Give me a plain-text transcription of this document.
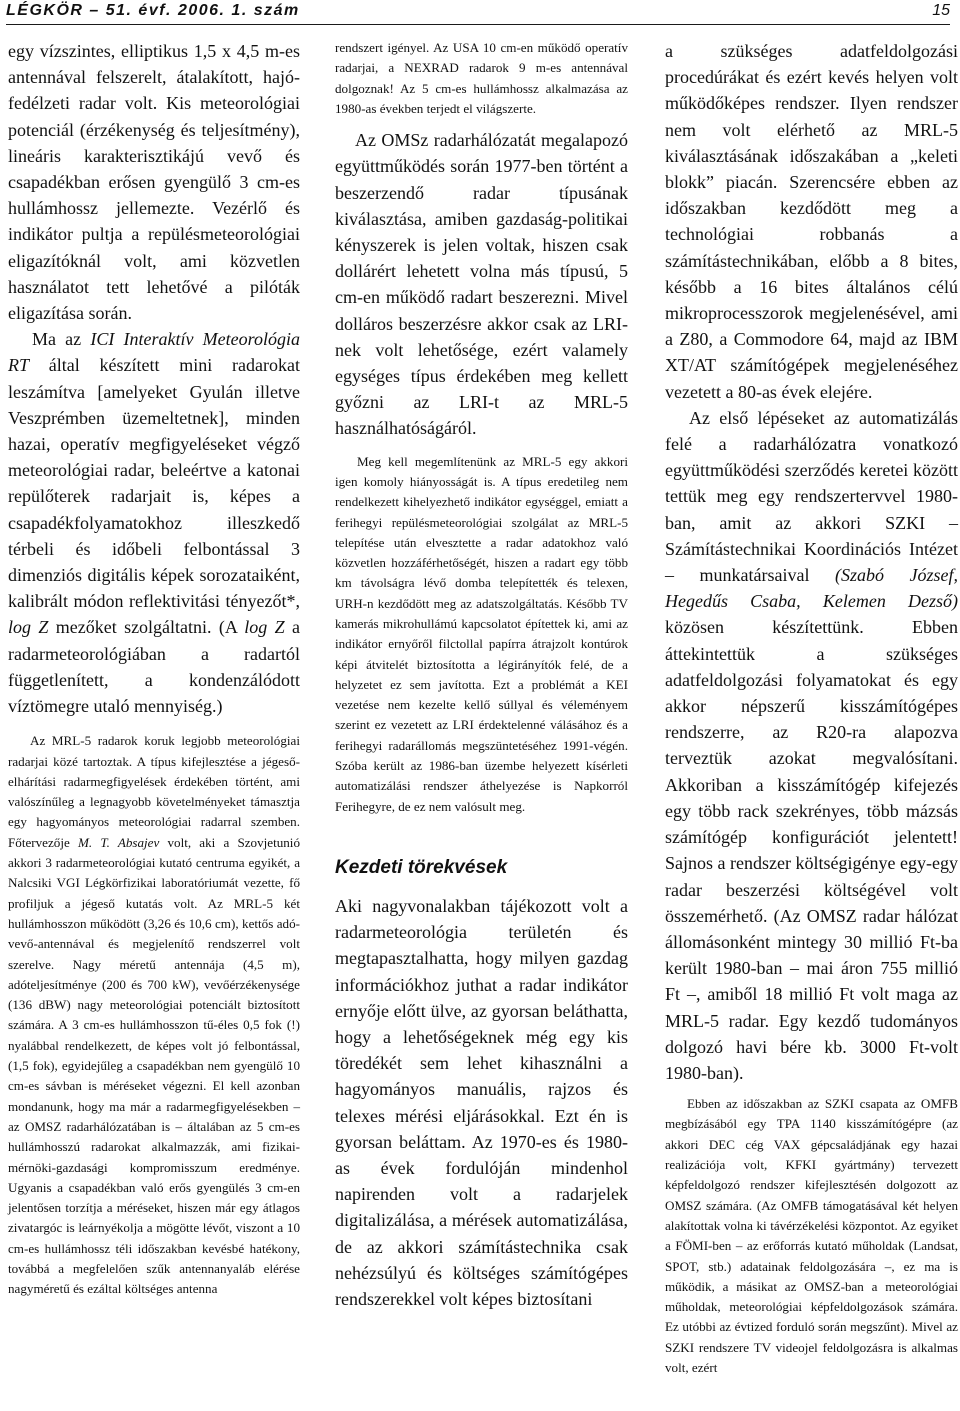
LÉGKÖR – 51. évf. 2006. 1. szám	15

egy vízszintes, elliptikus 1,5 x 4,5 m-es antennával felszerelt, átalakított, hajó-fedélzeti radar volt. Kis meteorológiai potenciál (érzékenység és teljesítmény), lineáris karakterisztikájú vevő és csapadékban erősen gyengülő 3 cm-es hullámhossz jellemezte. Vezérlő és indikátor pultja a repülésmeteorológiai eligazítóknál volt, ami közvetlen használatot tett lehetővé a pilóták eligazítása során.

Ma az ICI Interaktív Meteorológia RT által készített mini radarokat leszámítva [amelyeket Gyulán illetve Veszprémben üzemeltetnek], minden hazai, operatív megfigyeléseket végző meteorológiai radar, beleértve a katonai repülőterek radarjait is, képes a csapadékfolyamatokhoz illeszkedő térbeli és időbeli felbontással 3 dimenziós digitális képek sorozataiként, kalibrált módon reflektivitási tényezőt*, log Z mezőket szolgáltatni. (A log Z a radarmeteorológiában a radartól függetlenített, a kondenzálódott víztömegre utaló mennyiség.)

Az MRL-5 radarok koruk legjobb meteorológiai radarjai közé tartoztak. A típus kifejlesztése a jégeső-elhárítási radarmegfigyelések érdekében történt, ami valószínűleg a legnagyobb követelményeket támasztja egy hagyományos meteorológiai radarral szemben. Főtervezője M. T. Absajev volt, aki a Szovjetunió akkori 3 radarmeteorológiai kutató centruma egyikét, a Nalcsiki VGI Légkörfizikai laboratóriumát vezette, fő profiljuk a jégeső kutatás volt. Az MRL-5 két hullámhosszon működött (3,26 és 10,6 cm), kettős adó-vevő-antennával és megjelenítő rendszerrel volt szerelve. Nagy méretű antennája (4,5 m), adóteljesítménye (200 és 700 kW), vevőérzékenysége (136 dBW) nagy meteorológiai potenciált biztosított számára. A 3 cm-es hullámhosszon tű-éles 0,5 fok (!) nyalábbal rendelkezett, de képes volt jó felbontással, (1,5 fok), egyidejűleg a csapadékban nem gyengülő 10 cm-es sávban is méréseket végezni. El kell azonban mondanunk, hogy ma már a radarmegfigyelésekben – az OMSZ radarhálózatában is – általában az 5 cm-es hullámhosszú radarokat alkalmazzák, ami fizikai-mérnöki-gazdasági kompromisszum eredménye. Ugyanis a csapadékban való erős gyengülés 3 cm-en jelentősen torzítja a méréseket, hiszen már egy átlagos zivatargóc is leárnyékolja a mögötte lévőt, viszont a 10 cm-es hullámhossz téli időszakban kevésbé hatékony, továbbá a megfelelően szűk antennanyaláb elérése nagyméretű és ezáltal költséges antenna

rendszert igényel. Az USA 10 cm-en működő operatív radarjai, a NEXRAD radarok 9 m-es antennával dolgoznak! Az 5 cm-es hullámhossz alkalmazása az 1980-as években terjedt el világszerte.

Az OMSz radarhálózatát megalapozó együttműködés során 1977-ben történt a beszerzendő radar típusának kiválasztása, amiben gazdaság-politikai kényszerek is jelen voltak, hiszen csak dollárért lehetett volna más típusú, 5 cm-en működő radart beszerezni. Mivel dolláros beszerzésre akkor csak az LRI-nek volt lehetősége, ezért valamely egységes típus érdekében meg kellett győzni az LRI-t az MRL-5 használhatóságáról.

Meg kell megemlítenünk az MRL-5 egy akkori igen komoly hiányosságát is. A típus eredetileg nem rendelkezett kihelyezhető indikátor egységgel, emiatt a ferihegyi repülésmeteorológiai szolgálat az MRL-5 telepítése után elvesztette a radar adatokhoz való közvetlen hozzáférhetőségét, hiszen a radart egy több km távolságra lévő domba telepítették és telexen, URH-n kezdődött meg az adatszolgáltatás. Később TV kamerás mikrohullámú kapcsolatot építettek ki, ami az indikátor ernyőről filctollal papírra átrajzolt kontúrok képi átvitelét biztosította a légirányítók felé, de a helyzetet ez sem javította. Ezt a problémát a KEI vezetése nem kezelte kellő súllyal és véleményem szerint ez vezetett az LRI érdektelenné válásához és a ferihegyi radarállomás megszüntetéséhez 1991-végén. Szóba került az 1986-ban üzembe helyezett kísérleti automatizálási rendszer áthelyezése is Napkorról Ferihegyre, de ez nem valósult meg.

Kezdeti törekvések

Aki nagyvonalakban tájékozott volt a radarmeteorológia területén és megtapasztalhatta, hogy milyen gazdag információkhoz juthat a radar indikátor ernyője előtt ülve, az gyorsan beláthatta, hogy a lehetőségeknek még egy kis töredékét sem lehet kihasználni a hagyományos manuális, rajzos és telexes mérési eljárásokkal. Ezt én is gyorsan beláttam. Az 1970-es és 1980-as évek fordulóján mindenhol napirenden volt a radarjelek digitalizálása, a mérések automatizálása, de az akkori számítástechnika csak nehézsúlyú és költséges számítógépes rendszerekkel volt képes biztosítani

a szükséges adatfeldolgozási procedúrákat és ezért kevés helyen volt működőképes rendszer. Ilyen rendszer nem volt elérhető az MRL-5 kiválasztásának időszakában a „keleti blokk” piacán. Szerencsére ebben az időszakban kezdődött meg a technológiai robbanás a számítástechnikában, előbb a 8 bites, később a 16 bites általános célú mikroprocesszorok megjelenésével, ami a Z80, a Commodore 64, majd az IBM XT/AT számítógépek megjelenéséhez vezetett a 80-as évek elejére.

Az első lépéseket az automatizálás felé a radarhálózatra vonatkozó együttműködési szerződés keretei között tettük meg egy rendszertervvel 1980-ban, amit az akkori SZKI – Számítástechnikai Koordinációs Intézet – munkatársaival (Szabó József, Hegedűs Csaba, Kelemen Dezső) közösen készítettünk. Ebben áttekintettük a szükséges adatfeldolgozási folyamatokat és egy akkor népszerű kisszámítógépes rendszerre, az R20-ra alapozva terveztük azokat megvalósítani. Akkoriban a kisszámítógép kifejezés egy több rack szekrényes, több mázsás számítógép konfigurációt jelentett! Sajnos a rendszer költségigénye egy-egy radar beszerzési költségével volt összemérhető. (Az OMSZ radar hálózat állomásonként mintegy 30 millió Ft-ba került 1980-ban – mai áron 755 millió Ft –, amiből 18 millió Ft volt maga az MRL-5 radar. Egy kezdő tudományos dolgozó havi bére kb. 3000 Ft-volt 1980-ban).

Ebben az időszakban az SZKI csapata az OMFB megbízásából egy TPA 1140 kisszámítógépre (az akkori DEC cég VAX gépcsaládjának egy hazai realizációja volt, KFKI gyártmány) tervezett képfeldolgozó rendszer kifejlesztésén dolgozott az OMSZ számára. (Az OMFB támogatásával két helyen alakítottak volna ki távérzékelési központot. Az egyiket a FÖMI-ben – az erőforrás kutató műholdak (Landsat, SPOT, stb.) adatainak feldolgozására –, ez ma is működik, a másikat az OMSZ-ban a meteorológiai műholdak, meteorológiai képfeldolgozások számára. Ez utóbbi az évtized forduló során megszűnt). Mivel az SZKI rendszere TV videojel feldolgozásra is alkalmas volt, ezért
